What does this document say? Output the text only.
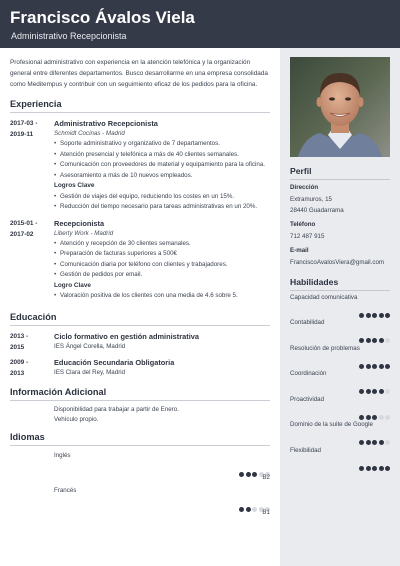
Francisco Ávalos Viela
Administrativo Recepcionista

Profesional administrativo con experiencia en la atención telefónica y la organización general entre diferentes departamentos. Busco desarrollarme en una empresa consolidada como Meditempus y contribuir con un seguimiento eficaz de los pedidos para la oficina.

Experiencia
2017-03 -
2019-11
Administrativo Recepcionista
Schmidt Cocinas - Madrid
• Soporte administrativo y organizativo de 7 departamentos.
• Atención presencial y telefónica a más de 40 clientes semanales.
• Comunicación con proveedores de material y equipamiento para la oficina.
• Asesoramiento a más de 10 nuevos empleados.
Logros Clave
• Gestión de viajes del equipo, reduciendo los costes en un 15%.
• Reducción del tiempo necesario para tareas administrativas en un 20%.
2015-01 -
2017-02
Recepcionista
Liberty Work - Madrid
• Atención y recepción de 30 clientes semanales.
• Preparación de facturas superiores a 500€
• Comunicación diaria por teléfono con clientes y trabajadores.
• Gestión de pedidos por email.
Logro Clave
• Valoración positiva de los clientes con una media de 4.6 sobre 5.
Educación
2013 -
2015
Ciclo formativo en gestión administrativa
IES Ángel Corella, Madrid
2009 -
2013
Educación Secundaria Obligatoria
IES Clara del Rey, Madrid
Información Adicional
Disponibilidad para trabajar a partir de Enero.
Vehículo propio.
Idiomas
Inglés
B2
Francés
B1
Perfil
Dirección
Extramuros, 15
28440 Guadarrama
Teléfono
712 487 915
E-mail
FranciscoAvalosViera@gmail.com
Habilidades
Capacidad comunicativa
Contabilidad
Resolución de problemas
Coordinación
Proactividad
Dominio de la suite de Google
Flexibilidad
